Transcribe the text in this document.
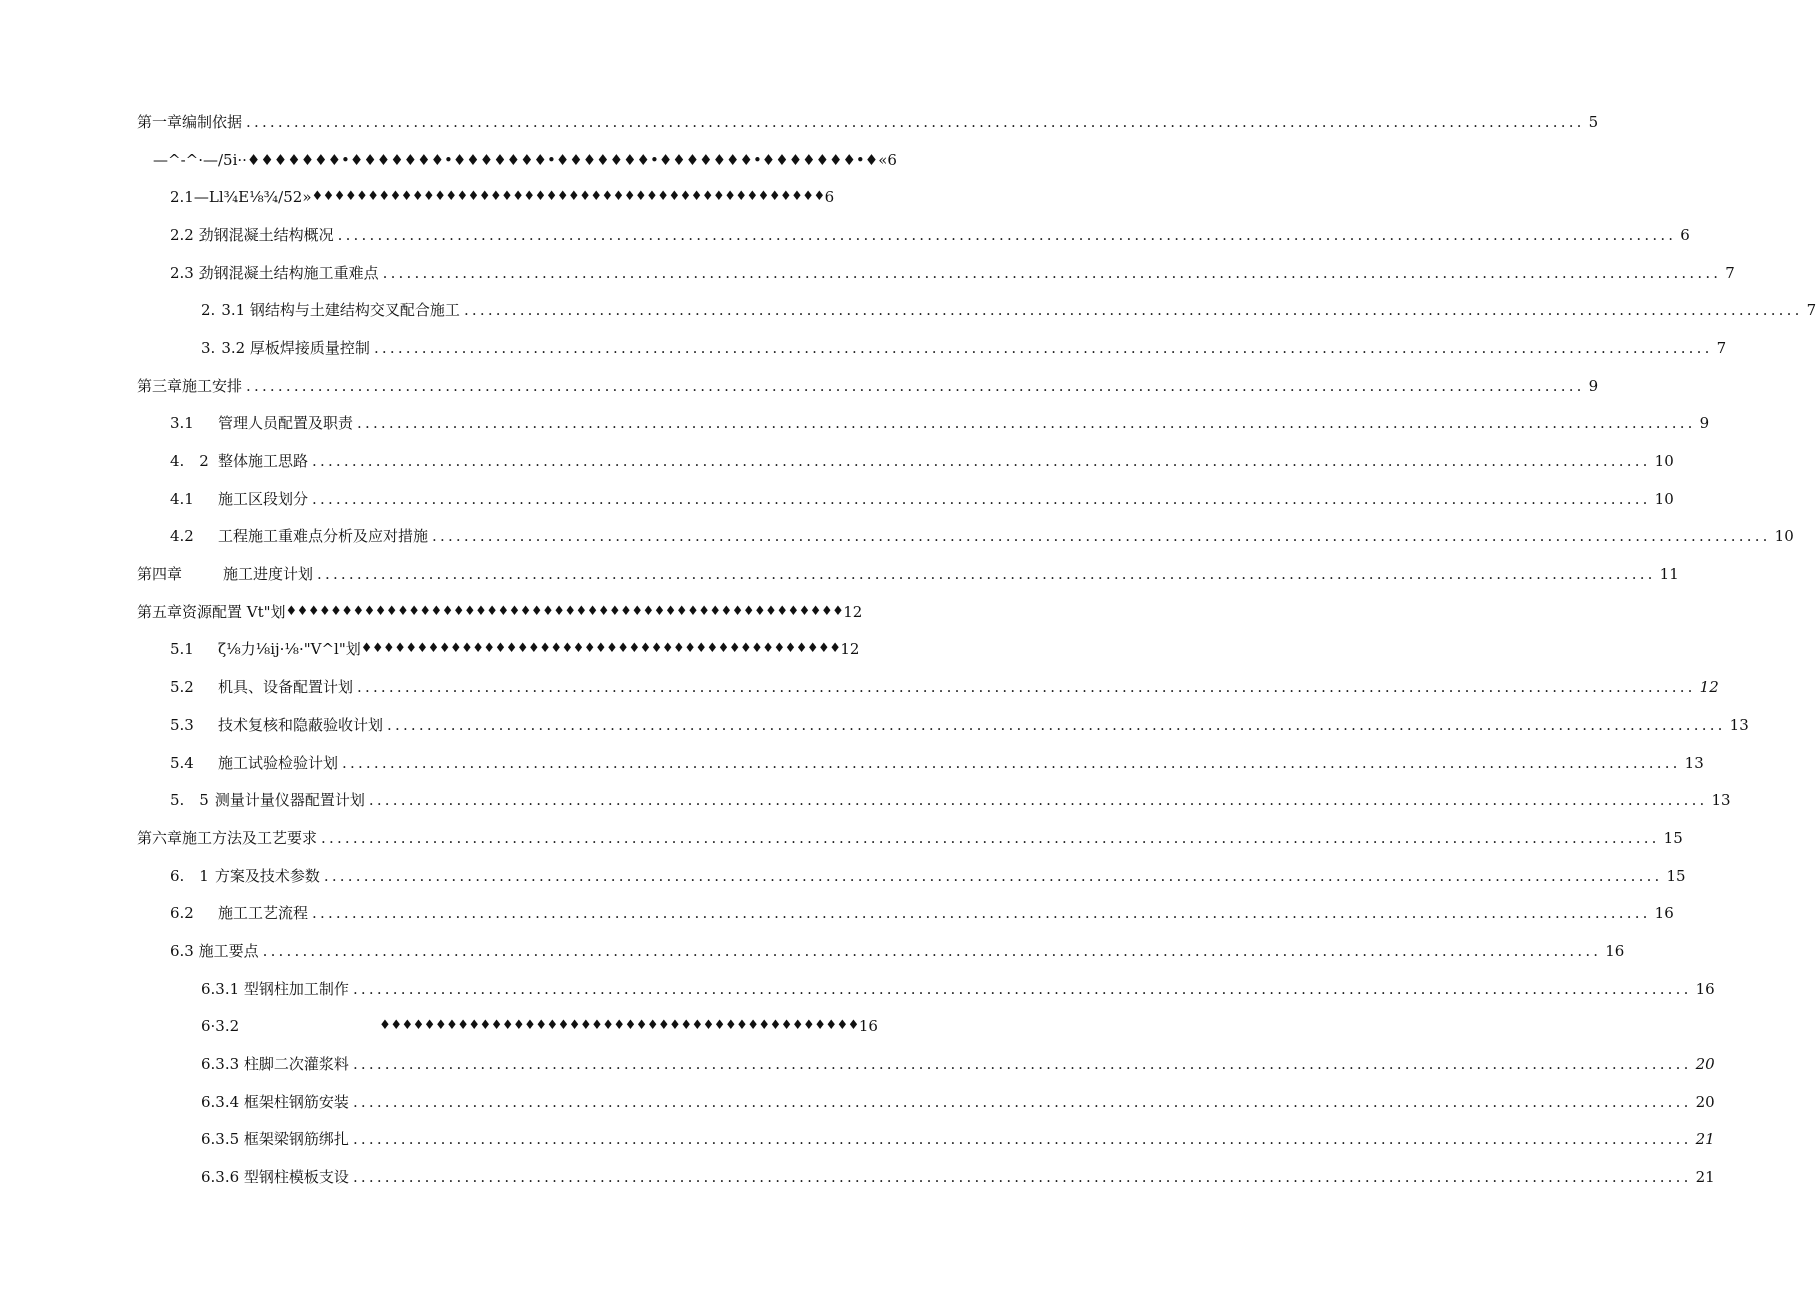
第一章编制依据 .....	5
—^-^·—∕5i··♦♦♦♦♦♦♦•♦♦♦♦♦♦♦•♦♦♦♦♦♦♦•♦♦♦♦♦♦♦•♦♦♦♦♦♦♦•♦♦♦♦♦♦♦•♦« 6
2.1—Ll¾E⅛¾∕52» ♦♦♦♦♦♦♦♦♦♦♦♦♦♦♦♦♦♦♦♦♦♦♦♦♦♦♦♦♦♦♦♦♦♦♦♦♦♦♦♦♦♦♦♦♦♦ 6
2.2 劲钢混凝土结构概况 .....	6
2.3 劲钢混凝土结构施工重难点 .....	7
2. 3.1 钢结构与土建结构交叉配合施工 .....	7
3. 3.2 厚板焊接质量控制 .....	7
第三章施工安排 .....	9
3.1	管理人员配置及职责 .....	9
4.　2 整体施工思路 .....	10
4.1	施工区段划分 .....	10
4.2	工程施工重难点分析及应对措施 .....	10
第四章	施工进度计划 .....	11
第五章资源配置 Vt"划 ♦♦♦♦♦♦♦♦♦♦♦♦♦♦♦♦♦♦♦♦♦♦♦♦♦♦♦♦♦♦♦♦♦♦♦♦♦♦♦♦♦♦♦♦♦♦♦♦♦♦ 12
5.1	ζ⅛力⅛ij·⅛·"V^l"划 ♦♦♦♦♦♦♦♦♦♦♦♦♦♦♦♦♦♦♦♦♦♦♦♦♦♦♦♦♦♦♦♦♦♦♦♦♦♦♦♦♦♦♦ 12
5.2	机具、设备配置计划 .....	12
5.3	技术复核和隐蔽验收计划 .....	13
5.4	施工试验检验计划 .....	13
5.　5 测量计量仪器配置计划 .....	13
第六章施工方法及工艺要求 .....	15
6.　1 方案及技术参数 .....	15
6.2	施工工艺流程 .....	16
6.3 施工要点 .....	16
6.3.1 型钢柱加工制作 .....	16
6·3.2	♦♦♦♦♦♦♦♦♦♦♦♦♦♦♦♦♦♦♦♦♦♦♦♦♦♦♦♦♦♦♦♦♦♦♦♦♦♦♦♦♦♦♦ 16
6.3.3 柱脚二次灌浆料 .....	20
6.3.4 框架柱钢筋安装 .....	20
6.3.5 框架梁钢筋绑扎 .....	21
6.3.6 型钢柱模板支设 .....	21
